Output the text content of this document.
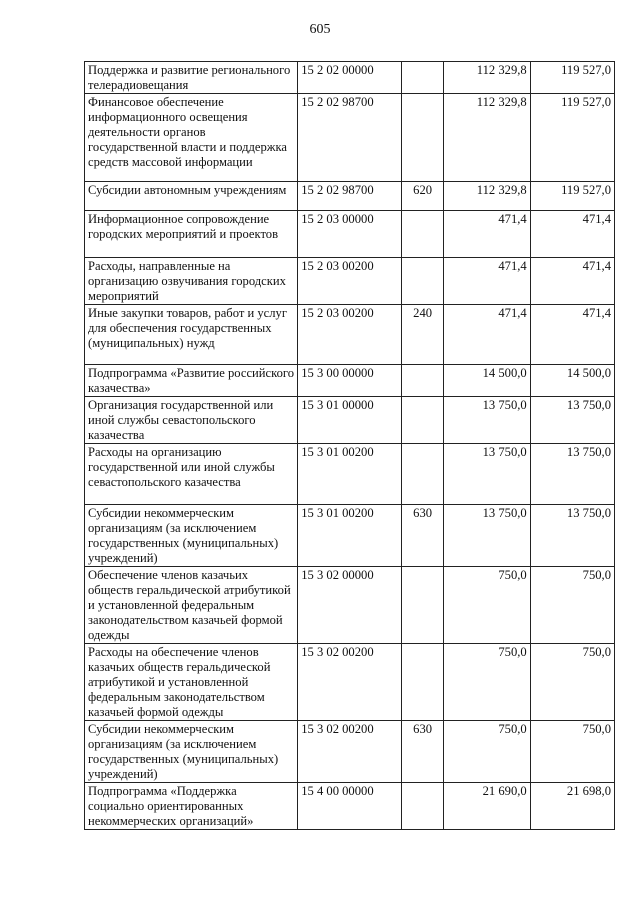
605
Поддержка и развитие регионального телерадиовещания	15 2 02 00000		112 329,8	119 527,0
Финансовое обеспечение информационного освещения деятельности органов государственной власти и поддержка средств массовой информации	15 2 02 98700		112 329,8	119 527,0
Субсидии автономным учреждениям	15 2 02 98700	620	112 329,8	119 527,0
Информационное сопровождение городских мероприятий и проектов	15 2 03 00000		471,4	471,4
Расходы, направленные на организацию озвучивания городских мероприятий	15 2 03 00200		471,4	471,4
Иные закупки товаров, работ и услуг для обеспечения государственных (муниципальных) нужд	15 2 03 00200	240	471,4	471,4
Подпрограмма «Развитие российского казачества»	15 3 00 00000		14 500,0	14 500,0
Организация государственной или иной службы севастопольского казачества	15 3 01 00000		13 750,0	13 750,0
Расходы на организацию государственной или иной службы севастопольского казачества	15 3 01 00200		13 750,0	13 750,0
Субсидии некоммерческим организациям (за исключением государственных (муниципальных) учреждений)	15 3 01 00200	630	13 750,0	13 750,0
Обеспечение членов казачьих обществ геральдической атрибутикой и установленной федеральным законодательством казачьей формой одежды	15 3 02 00000		750,0	750,0
Расходы на обеспечение членов казачьих обществ геральдической атрибутикой и установленной федеральным законодательством казачьей формой одежды	15 3 02 00200		750,0	750,0
Субсидии некоммерческим организациям (за исключением государственных (муниципальных) учреждений)	15 3 02 00200	630	750,0	750,0
Подпрограмма «Поддержка социально ориентированных некоммерческих организаций»	15 4 00 00000		21 690,0	21 698,0
